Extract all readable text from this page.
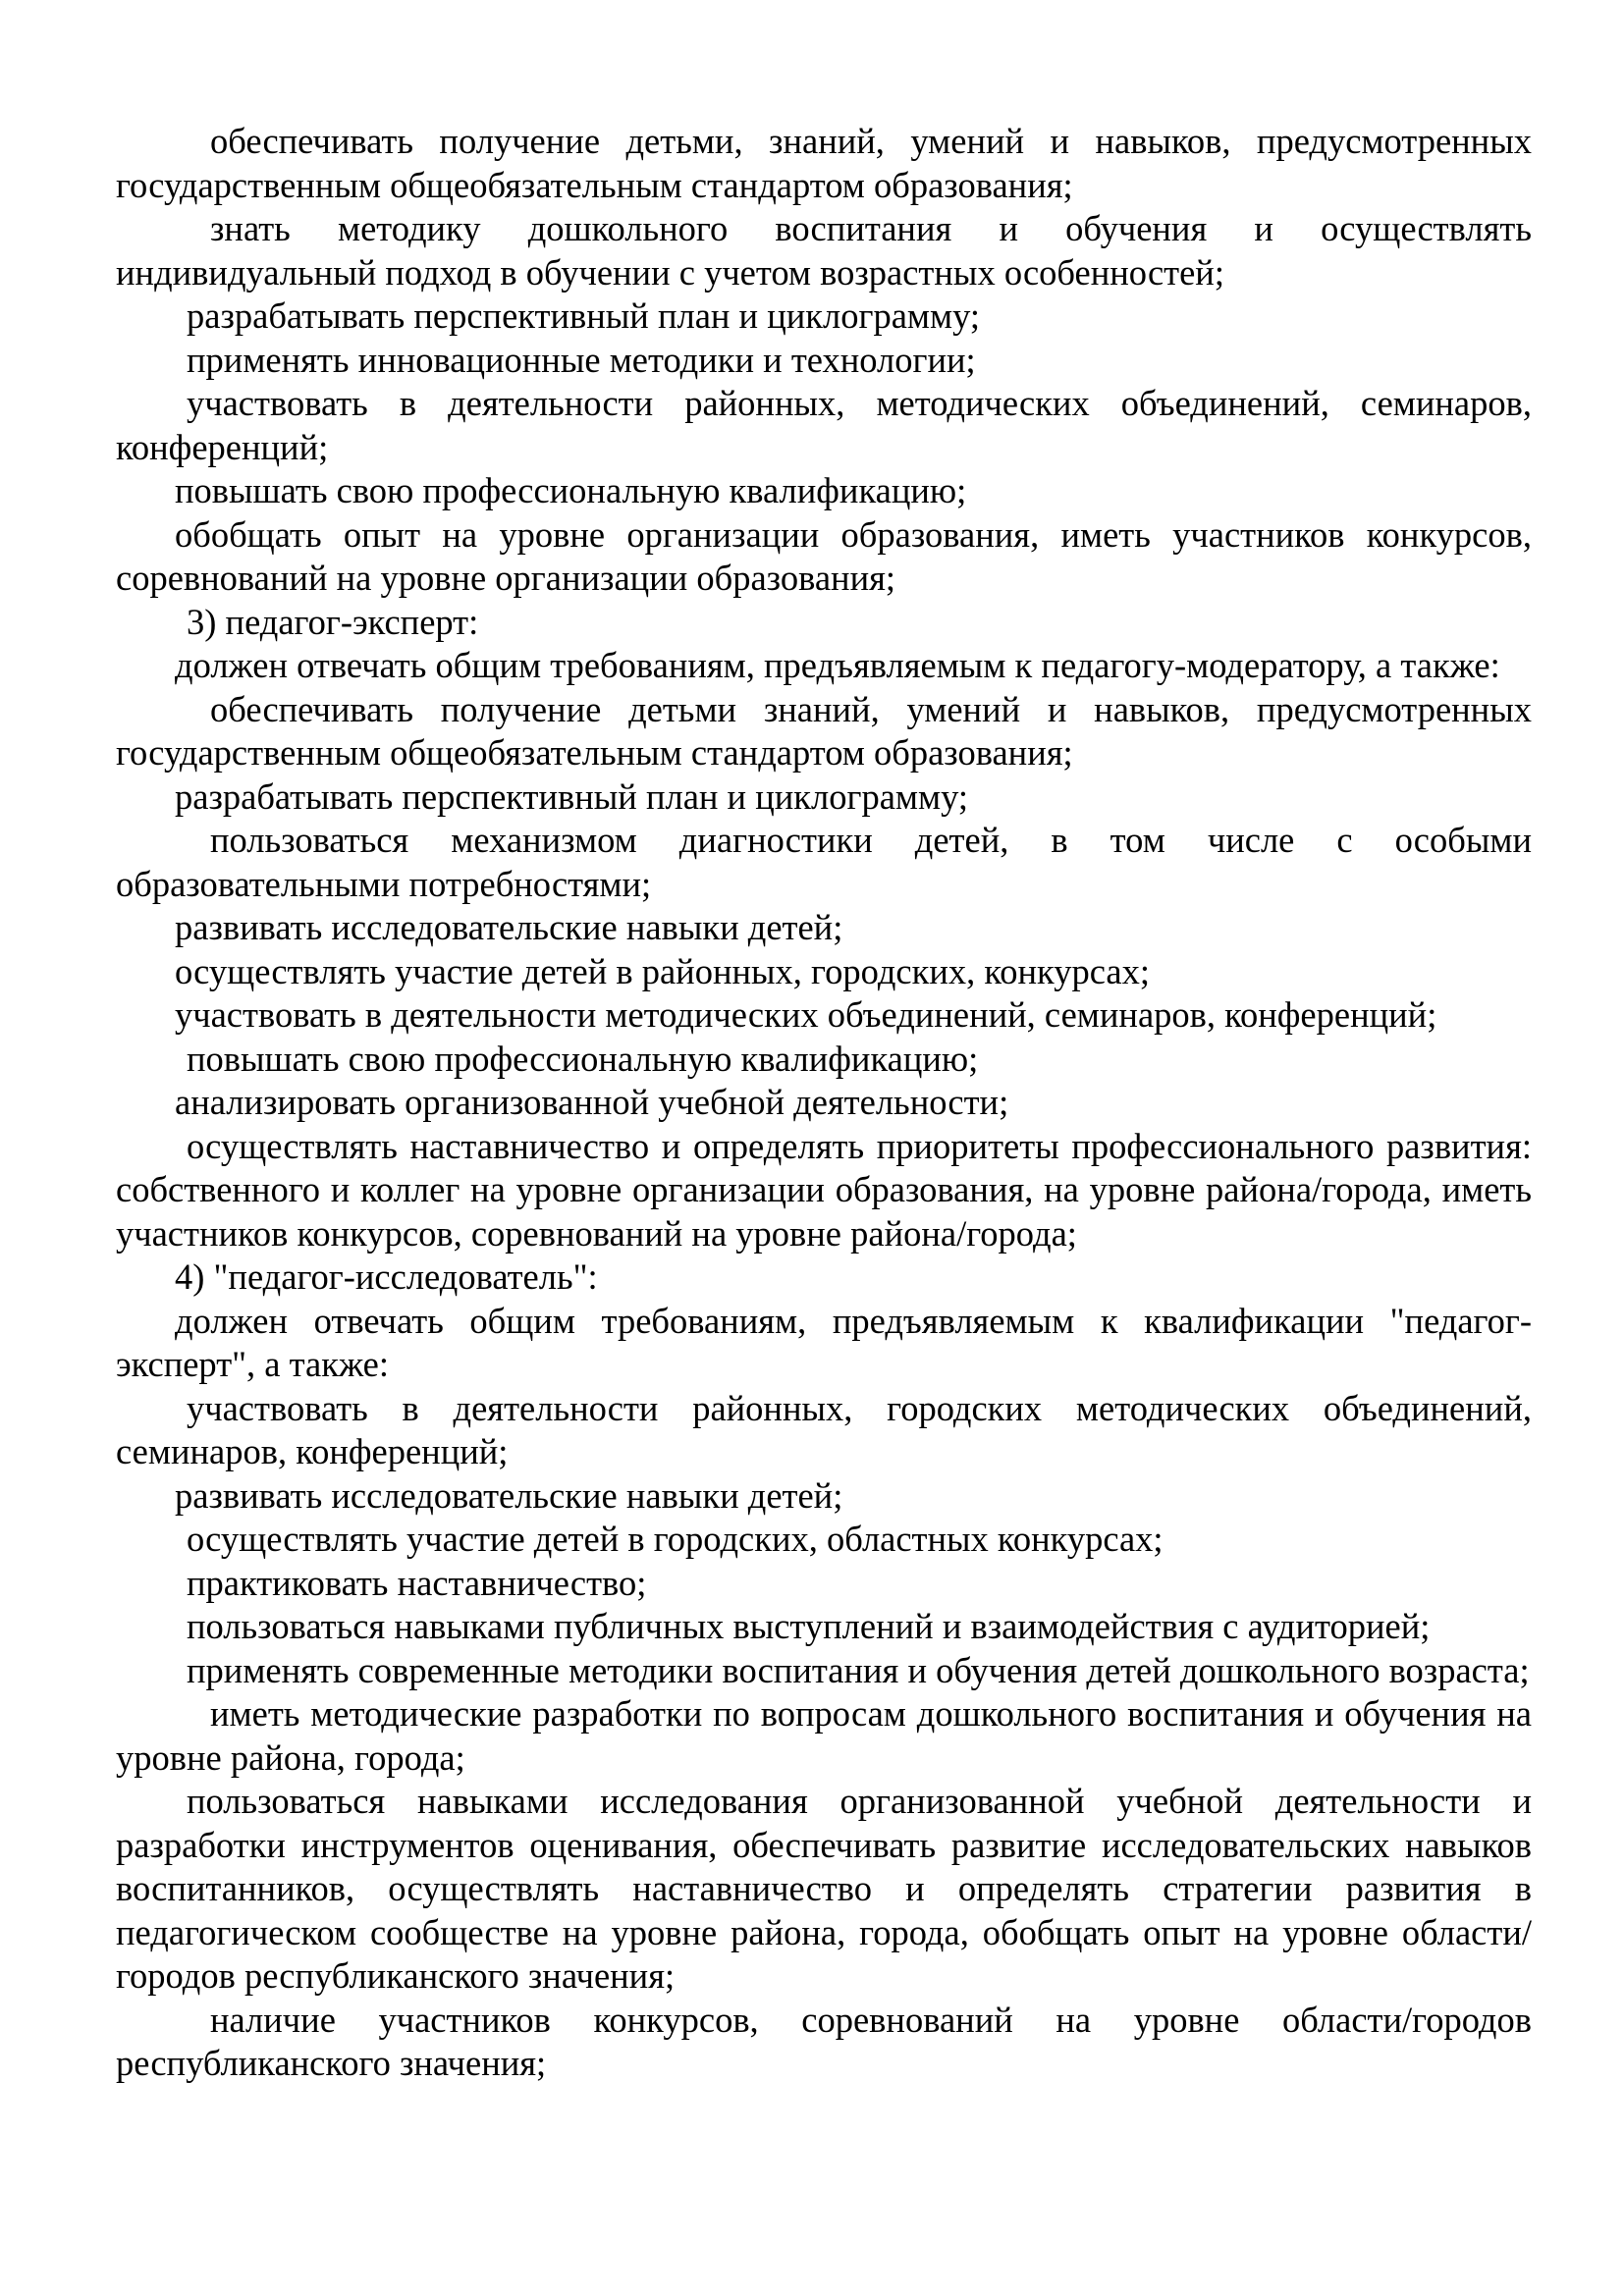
обеспечивать получение детьми, знаний, умений и навыков, предусмотренных государственным общеобязательным стандартом образования;

знать методику дошкольного воспитания и обучения и осуществлять индивидуальный подход в обучении с учетом возрастных особенностей;

разрабатывать перспективный план и циклограмму;

применять инновационные методики и технологии;

участвовать в деятельности районных, методических объединений, семинаров, конференций;

повышать свою профессиональную квалификацию;

обобщать опыт на уровне организации образования, иметь участников конкурсов, соревнований на уровне организации образования;

3) педагог-эксперт:

должен отвечать общим требованиям, предъявляемым к педагогу-модератору, а также:

обеспечивать получение детьми знаний, умений и навыков, предусмотренных государственным общеобязательным стандартом образования;

разрабатывать перспективный план и циклограмму;

пользоваться механизмом диагностики детей, в том числе с особыми образовательными потребностями;

развивать исследовательские навыки детей;

осуществлять участие детей в районных, городских, конкурсах;

участвовать в деятельности методических объединений, семинаров, конференций;

повышать свою профессиональную квалификацию;

анализировать организованной учебной деятельности;

осуществлять наставничество и определять приоритеты профессионального развития: собственного и коллег на уровне организации образования, на уровне района/города, иметь участников конкурсов, соревнований на уровне района/города;

4) "педагог-исследователь":

должен отвечать общим требованиям, предъявляемым к квалификации "педагог-эксперт", а также:

участвовать в деятельности районных, городских методических объединений, семинаров, конференций;

развивать исследовательские навыки детей;

осуществлять участие детей в городских, областных конкурсах;

практиковать наставничество;

пользоваться навыками публичных выступлений и взаимодействия с аудиторией;

применять современные методики воспитания и обучения детей дошкольного возраста;

иметь методические разработки по вопросам дошкольного воспитания и обучения на уровне района, города;

пользоваться навыками исследования организованной учебной деятельности и разработки инструментов оценивания, обеспечивать развитие исследовательских навыков воспитанников, осуществлять наставничество и определять стратегии развития в педагогическом сообществе на уровне района, города, обобщать опыт на уровне области/городов республиканского значения;

наличие участников конкурсов, соревнований на уровне области/городов республиканского значения;
